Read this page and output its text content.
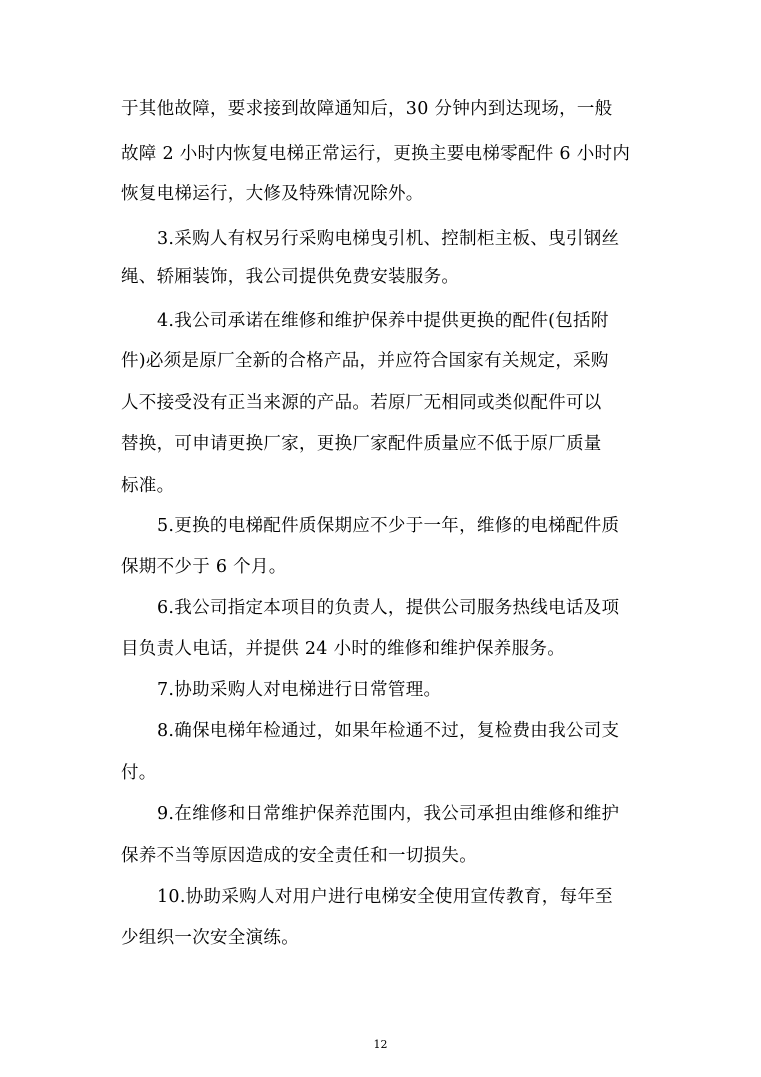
于其他故障，要求接到故障通知后，30 分钟内到达现场，一般
故障 2 小时内恢复电梯正常运行，更换主要电梯零配件 6 小时内
恢复电梯运行，大修及特殊情况除外。
3.采购人有权另行采购电梯曳引机、控制柜主板、曳引钢丝
绳、轿厢装饰，我公司提供免费安装服务。
4.我公司承诺在维修和维护保养中提供更换的配件(包括附
件)必须是原厂全新的合格产品，并应符合国家有关规定，采购
人不接受没有正当来源的产品。若原厂无相同或类似配件可以
替换，可申请更换厂家，更换厂家配件质量应不低于原厂质量
标准。
5.更换的电梯配件质保期应不少于一年，维修的电梯配件质
保期不少于 6 个月。
6.我公司指定本项目的负责人，提供公司服务热线电话及项
目负责人电话，并提供 24 小时的维修和维护保养服务。
7.协助采购人对电梯进行日常管理。
8.确保电梯年检通过，如果年检通不过，复检费由我公司支
付。
9.在维修和日常维护保养范围内，我公司承担由维修和维护
保养不当等原因造成的安全责任和一切损失。
10.协助采购人对用户进行电梯安全使用宣传教育，每年至
少组织一次安全演练。
12
